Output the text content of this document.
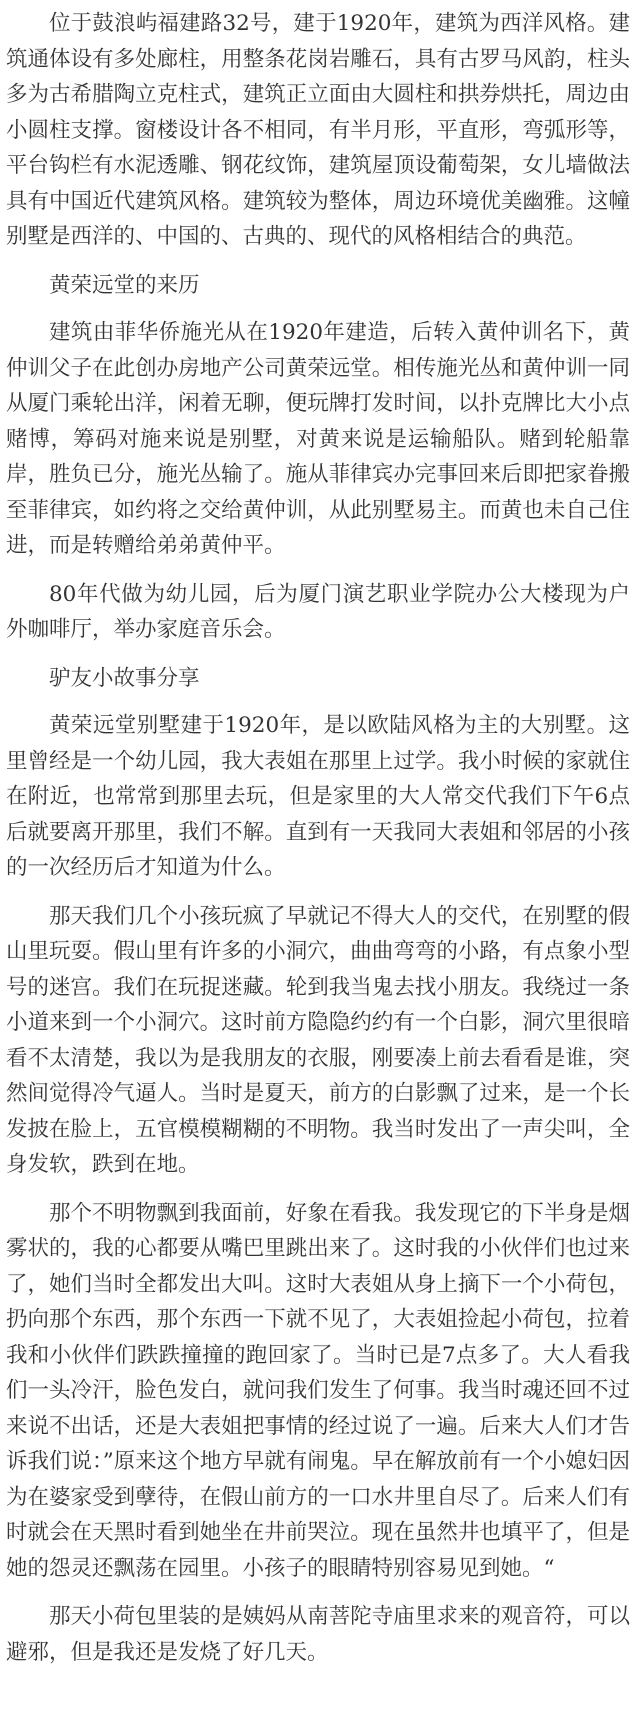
位于鼓浪屿福建路32号，建于1920年，建筑为西洋风格。建筑通体设有多处廊柱，用整条花岗岩雕石，具有古罗马风韵，柱头多为古希腊陶立克柱式，建筑正立面由大圆柱和拱券烘托，周边由小圆柱支撑。窗楼设计各不相同，有半月形，平直形，弯弧形等，平台钩栏有水泥透雕、钢花纹饰，建筑屋顶设葡萄架，女儿墙做法具有中国近代建筑风格。建筑较为整体，周边环境优美幽雅。这幢别墅是西洋的、中国的、古典的、现代的风格相结合的典范。

黄荣远堂的来历

建筑由菲华侨施光从在1920年建造，后转入黄仲训名下，黄仲训父子在此创办房地产公司黄荣远堂。相传施光丛和黄仲训一同从厦门乘轮出洋，闲着无聊，便玩牌打发时间，以扑克牌比大小点赌博，筹码对施来说是别墅，对黄来说是运输船队。赌到轮船靠岸，胜负已分，施光丛输了。施从菲律宾办完事回来后即把家眷搬至菲律宾，如约将之交给黄仲训，从此别墅易主。而黄也未自己住进，而是转赠给弟弟黄仲平。

80年代做为幼儿园，后为厦门演艺职业学院办公大楼现为户外咖啡厅，举办家庭音乐会。

驴友小故事分享

黄荣远堂别墅建于1920年，是以欧陆风格为主的大别墅。这里曾经是一个幼儿园，我大表姐在那里上过学。我小时候的家就住在附近，也常常到那里去玩，但是家里的大人常交代我们下午6点后就要离开那里，我们不解。直到有一天我同大表姐和邻居的小孩的一次经历后才知道为什么。

那天我们几个小孩玩疯了早就记不得大人的交代，在别墅的假山里玩耍。假山里有许多的小洞穴，曲曲弯弯的小路，有点象小型号的迷宫。我们在玩捉迷藏。轮到我当鬼去找小朋友。我绕过一条小道来到一个小洞穴。这时前方隐隐约约有一个白影，洞穴里很暗看不太清楚，我以为是我朋友的衣服，刚要凑上前去看看是谁，突然间觉得冷气逼人。当时是夏天，前方的白影飘了过来，是一个长发披在脸上，五官模模糊糊的不明物。我当时发出了一声尖叫，全身发软，跌到在地。

那个不明物飘到我面前，好象在看我。我发现它的下半身是烟雾状的，我的心都要从嘴巴里跳出来了。这时我的小伙伴们也过来了，她们当时全都发出大叫。这时大表姐从身上摘下一个小荷包，扔向那个东西，那个东西一下就不见了，大表姐捡起小荷包，拉着我和小伙伴们跌跌撞撞的跑回家了。当时已是7点多了。大人看我们一头冷汗，脸色发白，就问我们发生了何事。我当时魂还回不过来说不出话，还是大表姐把事情的经过说了一遍。后来大人们才告诉我们说：”原来这个地方早就有闹鬼。早在解放前有一个小媳妇因为在婆家受到孽待，在假山前方的一口水井里自尽了。后来人们有时就会在天黑时看到她坐在井前哭泣。现在虽然井也填平了，但是她的怨灵还飘荡在园里。小孩子的眼睛特别容易见到她。“

那天小荷包里装的是姨妈从南菩陀寺庙里求来的观音符，可以避邪，但是我还是发烧了好几天。
